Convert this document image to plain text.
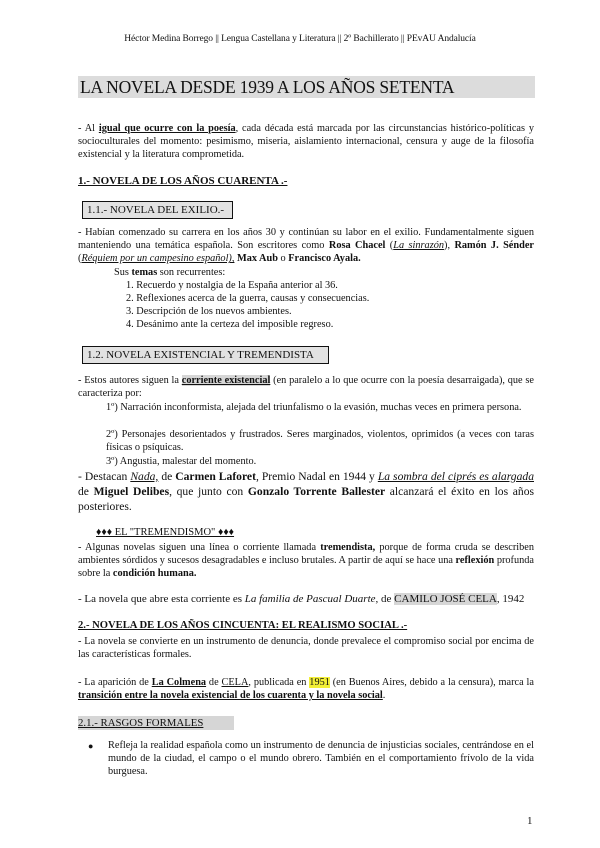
Héctor Medina Borrego || Lengua Castellana y Literatura || 2º Bachillerato || PEvAU Andalucía
LA NOVELA DESDE 1939 A LOS AÑOS SETENTA
- Al igual que ocurre con la poesía, cada década está marcada por las circunstancias histórico-políticas y socioculturales del momento: pesimismo, miseria, aislamiento internacional, censura y auge de la filosofía existencial y la literatura comprometida.
1.- NOVELA DE LOS AÑOS CUARENTA .-
1.1.- NOVELA DEL EXILIO.-
- Habían comenzado su carrera en los años 30 y continúan su labor en el exilio. Fundamentalmente siguen manteniendo una temática española. Son escritores como Rosa Chacel (La sinrazón), Ramón J. Sénder (Réquiem por un campesino español), Max Aub o Francisco Ayala.
Sus temas son recurrentes:
1. Recuerdo y nostalgia de la España anterior al 36.
2. Reflexiones acerca de la guerra, causas y consecuencias.
3. Descripción de los nuevos ambientes.
4. Desánimo ante la certeza del imposible regreso.
1.2. NOVELA EXISTENCIAL Y TREMENDISTA
- Estos autores siguen la corriente existencial (en paralelo a lo que ocurre con la poesía desarraigada), que se caracteriza por:
1º) Narración inconformista, alejada del triunfalismo o la evasión, muchas veces en primera persona.
2º) Personajes desorientados y frustrados. Seres marginados, violentos, oprimidos (a veces con taras físicas o psíquicas.
3º) Angustia, malestar del momento.
- Destacan Nada, de Carmen Laforet, Premio Nadal en 1944 y La sombra del ciprés es alargada de Miguel Delibes, que junto con Gonzalo Torrente Ballester alcanzará el éxito en los años posteriores.
♦♦♦ EL "TREMENDISMO" ♦♦♦
- Algunas novelas siguen una línea o corriente llamada tremendista, porque de forma cruda se describen ambientes sórdidos y sucesos desagradables e incluso brutales. A partir de aquí se hace una reflexión profunda sobre la condición humana.
- La novela que abre esta corriente es La familia de Pascual Duarte, de CAMILO JOSÉ CELA, 1942
2.- NOVELA DE LOS AÑOS CINCUENTA: EL REALISMO SOCIAL .-
- La novela se convierte en un instrumento de denuncia, donde prevalece el compromiso social por encima de las características formales.
- La aparición de La Colmena de CELA, publicada en 1951 (en Buenos Aires, debido a la censura), marca la transición entre la novela existencial de los cuarenta y la novela social.
2.1.- RASGOS FORMALES
● Refleja la realidad española como un instrumento de denuncia de injusticias sociales, centrándose en el mundo de la ciudad, el campo o el mundo obrero. También en el comportamiento frívolo de la vida burguesa.
1
